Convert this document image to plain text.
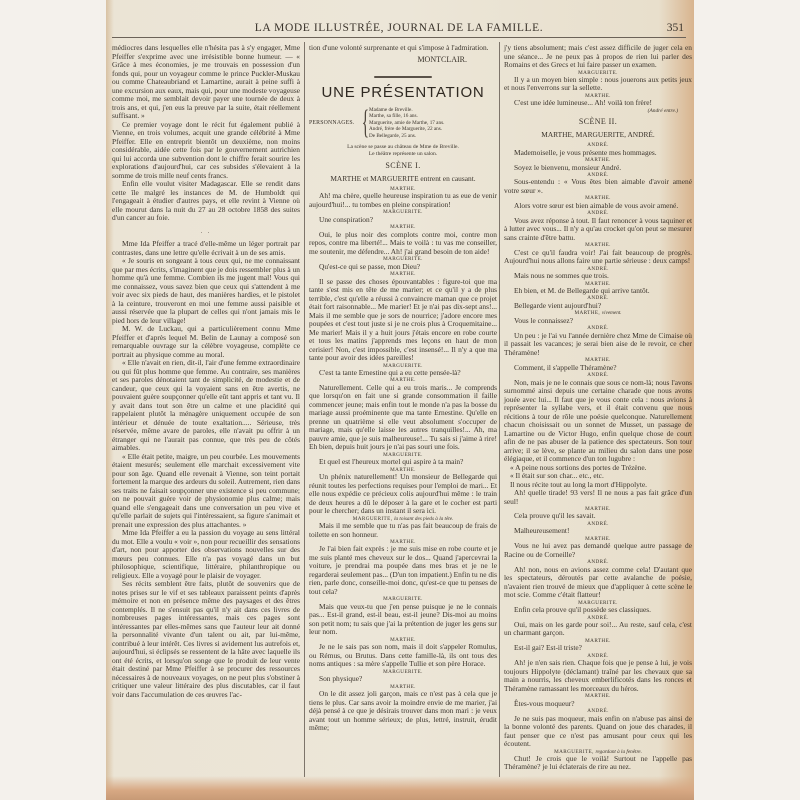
LA MODE ILLUSTRÉE, JOURNAL DE LA FAMILLE.	351

médiocres dans lesquelles elle n'hésita pas à s'y engager, Mme Pfeiffer s'exprime avec une irrésistible bonne humeur. — « Grâce à mes économies, je me trouvais en possession d'un fonds qui, pour un voyageur comme le prince Puckler-Muskau ou comme Chateaubriand et Lamartine, aurait à peine suffi à une excursion aux eaux, mais qui, pour une modeste voyageuse comme moi, me semblait devoir payer une tournée de deux à trois ans, et qui, j'en eus la preuve par la suite, était réellement suffisant. »

Ce premier voyage dont le récit fut également publié à Vienne, en trois volumes, acquit une grande célébrité à Mme Pfeiffer. Elle en entreprit bientôt un deuxième, non moins considérable, aidée cette fois par le gouvernement autrichien qui lui accorda une subvention dont le chiffre ferait sourire les explorations d'aujourd'hui, car ces subsides s'élevaient à la somme de trois mille neuf cents francs.

Enfin elle voulut visiter Madagascar. Elle se rendit dans cette île malgré les instances de M. de Humboldt qui l'engageait à étudier d'autres pays, et elle revint à Vienne où elle mourut dans la nuit du 27 au 28 octobre 1858 des suites d'un cancer au foie.

. .

Mme Ida Pfeiffer a tracé d'elle-même un léger portrait par contrastes, dans une lettre qu'elle écrivait à un de ses amis.

« Je souris en songeant à tous ceux qui, ne me connaissant que par mes écrits, s'imaginent que je dois ressembler plus à un homme qu'à une femme. Combien ils me jugent mal! Vous qui me connaissez, vous savez bien que ceux qui s'attendent à me voir avec six pieds de haut, des manières hardies, et le pistolet à la ceinture, trouveront en moi une femme aussi paisible et aussi réservée que la plupart de celles qui n'ont jamais mis le pied hors de leur village!

M. W. de Luckau, qui a particulièrement connu Mme Pfeiffer et d'après lequel M. Belin de Launay a composé son remarquable ouvrage sur la célèbre voyageuse, complète ce portrait au physique comme au moral.

« Elle n'avait en rien, dit-il, l'air d'une femme extraordinaire ou qui fût plus homme que femme. Au contraire, ses manières et ses paroles dénotaient tant de simplicité, de modestie et de candeur, que ceux qui la voyaient sans en être avertis, ne pouvaient guère soupçonner qu'elle eût tant appris et tant vu. Il y avait dans tout son être un calme et une placidité qui rappelaient plutôt la ménagère uniquement occupée de son intérieur et dénuée de toute exaltation..... Sérieuse, très réservée, même avare de paroles, elle n'avait pu offrir à un étranger qui ne l'aurait pas connue, que très peu de côtés aimables.

« Elle était petite, maigre, un peu courbée. Les mouvements étaient mesurés; seulement elle marchait excessivement vite pour son âge. Quand elle revenait à Vienne, son teint portait fortement la marque des ardeurs du soleil. Autrement, rien dans ses traits ne faisait soupçonner une existence si peu commune; on ne pouvait guère voir de physionomie plus calme; mais quand elle s'engageait dans une conversation un peu vive et qu'elle parlait de sujets qui l'intéressaient, sa figure s'animait et prenait une expression des plus attachantes. »

Mme Ida Pfeiffer a eu la passion du voyage au sens littéral du mot. Elle a voulu « voir », non pour recueillir des sensations d'art, non pour apporter des observations nouvelles sur des mœurs peu connues. Elle n'a pas voyagé dans un but philosophique, scientifique, littéraire, philanthropique ou religieux. Elle a voyagé pour le plaisir de voyager.

Ses récits semblent être faits, plutôt de souvenirs que de notes prises sur le vif et ses tableaux paraissent peints d'après mémoire et non en présence même des paysages et des êtres contemplés. Il ne s'ensuit pas qu'il n'y ait dans ces livres de nombreuses pages intéressantes, mais ces pages sont intéressantes par elles-mêmes sans que l'auteur leur ait donné la personnalité vivante d'un talent ou ait, par lui-même, contribué à leur intérêt. Ces livres si avidement lus autrefois et, aujourd'hui, si éclipsés se ressentent de la hâte avec laquelle ils ont été écrits, et lorsqu'on songe que le produit de leur vente était destiné par Mme Pfeiffer à se procurer des ressources nécessaires à de nouveaux voyages, on ne peut plus s'obstiner à critiquer une valeur littéraire des plus discutables, car il faut voir dans l'accumulation de ces œuvres l'ac-

tion d'une volonté surprenante et qui s'impose à l'admiration.

MONTCLAIR.
UNE PRÉSENTATION
PERSONNAGES. { Madame de Breville.
Marthe, sa fille, 16 ans.
Marguerite, amie de Marthe, 17 ans.
André, frère de Marguerite, 22 ans.
De Bellegarde, 25 ans.
La scène se passe au château de Mme de Breville.
Le théâtre représente un salon.
SCÈNE I.
MARTHE et MARGUERITE entrent en causant.
MARTHE.

Ah! ma chère, quelle heureuse inspiration tu as eue de venir aujourd'hui!... tu tombes en pleine conspiration!

MARGUERITE.

Une conspiration?

MARTHE.

Oui, le plus noir des complots contre moi, contre mon repos, contre ma liberté!... Mais te voilà : tu vas me conseiller, me soutenir, me défendre... Ah! j'ai grand besoin de ton aide!

MARGUERITE.

Qu'est-ce qui se passe, mon Dieu?

MARTHE.

Il se passe des choses épouvantables : figure-toi que ma tante s'est mis en tête de me marier; et ce qu'il y a de plus terrible, c'est qu'elle a réussi à convaincre maman que ce projet était fort raisonnable... Me marier! Et je n'ai pas dix-sept ans!... Mais il me semble que je sors de nourrice; j'adore encore mes poupées et c'est tout juste si je ne crois plus à Croquemitaine... Me marier! Mais il y a huit jours j'étais encore en robe courte et tous les matins j'apprends mes leçons en haut de mon cerisier! Non, c'est impossible, c'est insensé!... Il n'y a que ma tante pour avoir des idées pareilles!

MARGUERITE.

C'est ta tante Ernestine qui a eu cette pensée-là?

MARTHE.

Naturellement. Celle qui a eu trois maris... Je comprends que lorsqu'on en fait une si grande consommation il faille commencer jeune; mais enfin tout le monde n'a pas la bosse du mariage aussi proéminente que ma tante Ernestine. Qu'elle en prenne un quatrième si elle veut absolument s'occuper de mariage, mais qu'elle laisse les autres tranquilles!... Ah, ma pauvre amie, que je suis malheureuse!... Tu sais si j'aime à rire! Eh bien, depuis huit jours je n'ai pas souri une fois.

MARGUERITE.

Et quel est l'heureux mortel qui aspire à ta main?

MARTHE.

Un phénix naturellement! Un monsieur de Bellegarde qui réunit toutes les perfections requises pour l'emploi de mari... Et elle nous expédie ce précieux colis aujourd'hui même : le train de deux heures a dû le déposer à la gare et le cocher est parti pour le chercher; dans un instant il sera ici.

MARGUERITE, la toisant des pieds à la tête.

Mais il me semble que tu n'as pas fait beaucoup de frais de toilette en son honneur.

MARTHE.

Je l'ai bien fait exprès : je me suis mise en robe courte et je me suis planté mes cheveux sur le dos... Quand j'apercevrai la voiture, je prendrai ma poupée dans mes bras et je ne le regarderai seulement pas... (D'un ton impatient.) Enfin tu ne dis rien, parle donc, conseille-moi donc, qu'est-ce que tu penses de tout cela?

MARGUERITE.

Mais que veux-tu que j'en pense puisque je ne le connais pas... Est-il grand, est-il beau, est-il jeune? Dis-moi au moins son petit nom; tu sais que j'ai la prétention de juger les gens sur leur nom.

MARTHE.

Je ne le sais pas son nom, mais il doit s'appeler Romulus, ou Rémus, ou Brutus. Dans cette famille-là, ils ont tous des noms antiques : sa mère s'appelle Tullie et son père Horace.

MARGUERITE.

Son physique?

MARTHE.

On le dit assez joli garçon, mais ce n'est pas à cela que je tiens le plus. Car sans avoir la moindre envie de me marier, j'ai déjà pensé à ce que je désirais trouver dans mon mari : je veux avant tout un homme sérieux; de plus, lettré, instruit, érudit même;

j'y tiens absolument; mais c'est assez difficile de juger cela en une séance... Je ne peux pas à propos de rien lui parler des Romains et des Grecs et lui faire passer un examen.

MARGUERITE.

Il y a un moyen bien simple : nous jouerons aux petits jeux et nous l'enverrons sur la sellette.

MARTHE.

C'est une idée lumineuse... Ah! voilà ton frère!

(André entre.)
SCÈNE II.
MARTHE, MARGUERITE, ANDRÉ.
ANDRÉ.

Mademoiselle, je vous présente mes hommages.

MARTHE.

Soyez le bienvenu, monsieur André.

ANDRÉ.

Sous-entendu : « Vous êtes bien aimable d'avoir amené votre sœur ».

MARTHE.

Alors votre sœur est bien aimable de vous avoir amené.

ANDRÉ.

Vous avez réponse à tout. Il faut renoncer à vous taquiner et à lutter avec vous... Il n'y a qu'au crocket qu'on peut se mesurer sans crainte d'être battu.

MARTHE.

C'est ce qu'il faudra voir! J'ai fait beaucoup de progrès. Aujourd'hui nous allons faire une partie sérieuse : deux camps!

ANDRÉ.

Mais nous ne sommes que trois.

MARTHE.

Eh bien, et M. de Bellegarde qui arrive tantôt.

ANDRÉ.

Bellegarde vient aujourd'hui?

MARTHE, vivement.

Vous le connaissez?

ANDRÉ.

Un peu : je l'ai vu l'année dernière chez Mme de Cimaise où il passait les vacances; je serai bien aise de le revoir, ce cher Théramène!

MARTHE.

Comment, il s'appelle Théramène?

ANDRÉ.

Non, mais je ne le connais que sous ce nom-là; nous l'avons surnommé ainsi depuis une certaine charade que nous avons jouée avec lui... Il faut que je vous conte cela : nous avions à représenter la syllabe vers, et il était convenu que nous récitions à tour de rôle une poésie quelconque. Naturellement chacun choisissait ou un sonnet de Musset, un passage de Lamartine ou de Victor Hugo, enfin quelque chose de court afin de ne pas abuser de la patience des spectateurs. Son tour arrive; il se lève, se plante au milieu du salon dans une pose élégiaque, et il commence d'un ton lugubre :

« A peine nous sortions des portes de Trézène.

« Il était sur son char... etc., etc.

Il nous récite tout au long la mort d'Hippolyte.

Ah! quelle tirade! 93 vers! Il ne nous a pas fait grâce d'un seul!

MARTHE.

Cela prouve qu'il les savait.

ANDRÉ.

Malheureusement!

MARTHE.

Vous ne lui avez pas demandé quelque autre passage de Racine ou de Corneille?

ANDRÉ.

Ah! non, nous en avions assez comme cela! D'autant que les spectateurs, déroutés par cette avalanche de poésie, n'avaient rien trouvé de mieux que d'appliquer à cette scène le mot scie. Comme c'était flatteur!

MARGUERITE.

Enfin cela prouve qu'il possède ses classiques.

ANDRÉ.

Oui, mais on les garde pour soi!... Au reste, sauf cela, c'est un charmant garçon.

MARTHE.

Est-il gai? Est-il triste?

ANDRÉ.

Ah! je n'en sais rien. Chaque fois que je pense à lui, je vois toujours Hippolyte (déclamant) traîné par les chevaux que sa main a nourris, les cheveux emberlificotés dans les ronces et Théramène ramassant les morceaux du héros.

MARTHE.

Êtes-vous moqueur?

ANDRÉ.

Je ne suis pas moqueur, mais enfin on n'abuse pas ainsi de la bonne volonté des parents. Quand on joue des charades, il faut penser que ce n'est pas amusant pour ceux qui les écoutent.

MARGUERITE, regardant à la fenêtre.

Chut! Je crois que le voilà! Surtout ne l'appelle pas Théramène? je lui éclaterais de rire au nez.
